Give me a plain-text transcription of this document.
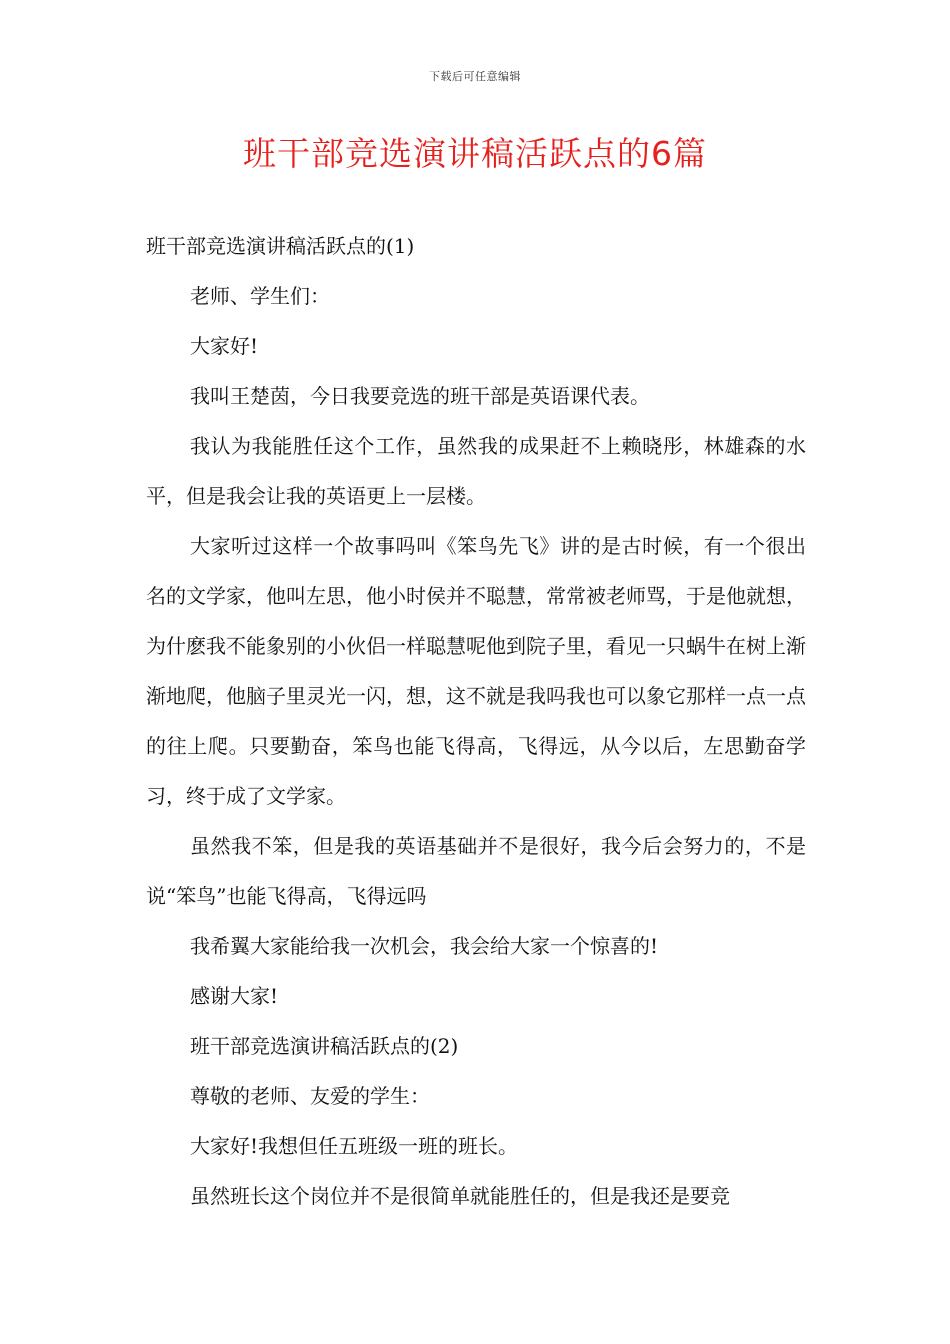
下载后可任意编辑
班干部竞选演讲稿活跃点的6篇

班干部竞选演讲稿活跃点的(1)

老师、学生们：

大家好!

我叫王楚茵，今日我要竞选的班干部是英语课代表。

我认为我能胜任这个工作，虽然我的成果赶不上赖晓彤，林雄森的水平，但是我会让我的英语更上一层楼。

大家听过这样一个故事吗叫《笨鸟先飞》讲的是古时候，有一个很出名的文学家，他叫左思，他小时侯并不聪慧，常常被老师骂，于是他就想，为什麽我不能象别的小伙侣一样聪慧呢他到院子里，看见一只蜗牛在树上渐渐地爬，他脑子里灵光一闪，想，这不就是我吗我也可以象它那样一点一点的往上爬。只要勤奋，笨鸟也能飞得高，飞得远，从今以后，左思勤奋学习，终于成了文学家。

虽然我不笨，但是我的英语基础并不是很好，我今后会努力的，不是说“笨鸟”也能飞得高，飞得远吗

我希翼大家能给我一次机会，我会给大家一个惊喜的!

感谢大家!

班干部竞选演讲稿活跃点的(2)

尊敬的老师、友爱的学生：

大家好!我想但任五班级一班的班长。

虽然班长这个岗位并不是很简单就能胜任的，但是我还是要竞
